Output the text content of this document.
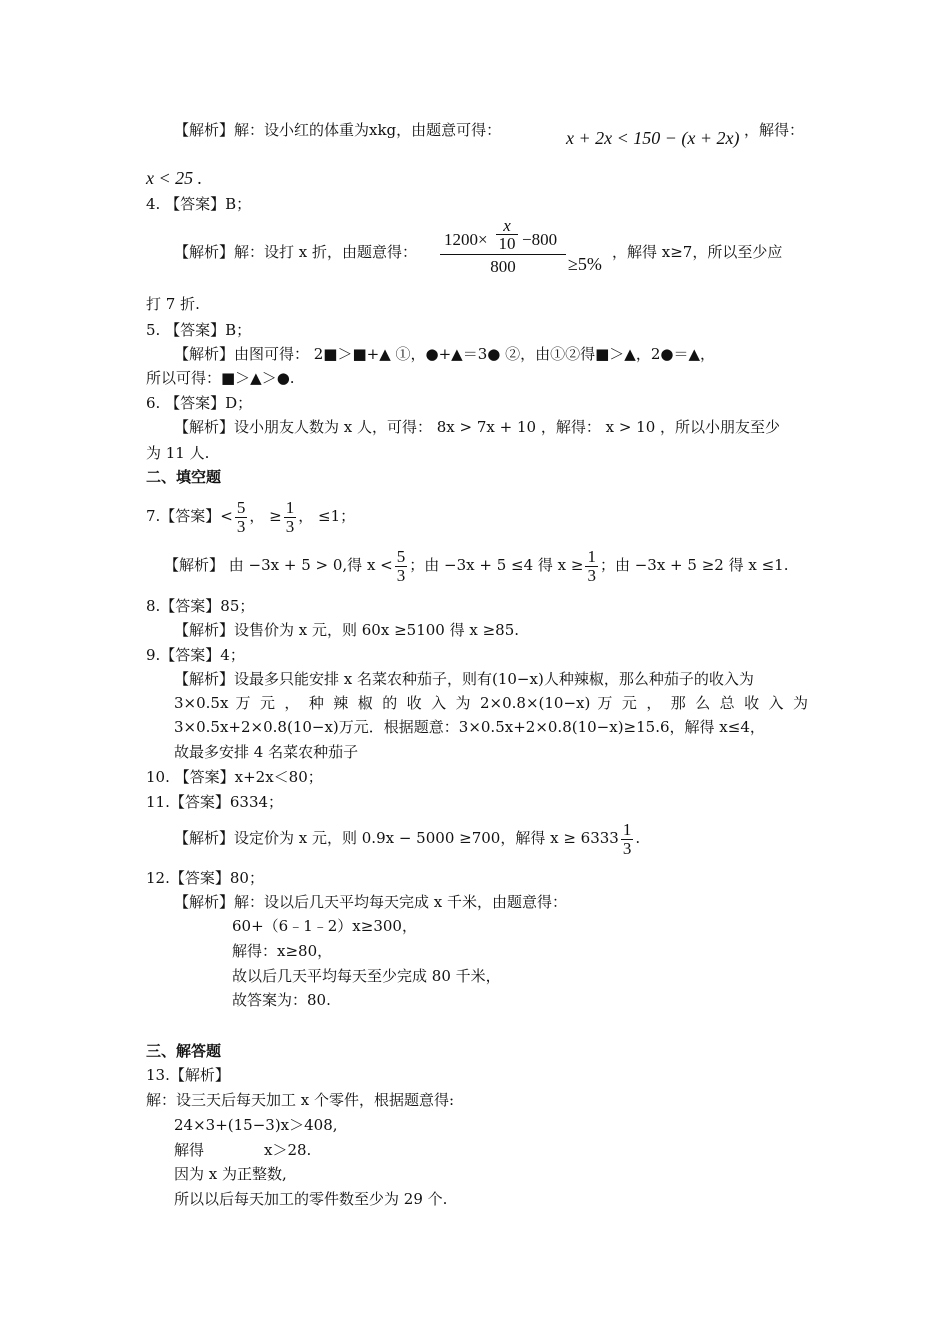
【解析】解：设小红的体重为xkg，由题意可得：	x + 2x < 150 − (x + 2x) ，解得：
x < 25 .
4. 【答案】B；
【解析】解：设打 x 折，由题意得：
1200×
x
10 −800
800	≥5%
，解得 x≥7，所以至少应
打 7 折.
5. 【答案】B；
【解析】由图可得： 2■＞■+▲ ①，●+▲＝3● ②，由①②得■＞▲，2●＝▲，
所以可得：■＞▲＞●.
6. 【答案】D；
【解析】设小朋友人数为 x 人，可得： 8x > 7x + 10 ，解得： x > 10 ，所以小朋友至少
为 11 人.
二、填空题
7.【答案】< $\frac{5}{3}$ ， ≥ $\frac{1}{3}$ ， ≤1；
【解析】 由 −3x + 5 > 0,得 $x < \frac{5}{3}$ ；由 −3x + 5 ≤4 得 $x \ge \frac{1}{3}$ ；由 −3x + 5 ≥2 得 x ≤1.
8.【答案】85；
【解析】设售价为 x 元，则 60x ≥5100 得 x ≥85.
9.【答案】4；
【解析】设最多只能安排 x 名菜农种茄子，则有(10−x)人种辣椒，那么种茄子的收入为
3×0.5x 万 元 ， 种 辣 椒 的 收 入 为 2×0.8×(10−x) 万 元 ， 那 么 总 收 入 为
3×0.5x+2×0.8(10−x)万元．根据题意：3×0.5x+2×0.8(10−x)≥15.6，解得 x≤4，
故最多安排 4 名菜农种茄子
10. 【答案】x+2x＜80；
11.【答案】6334；
【解析】设定价为 x 元，则 0.9x − 5000 ≥700，解得 $x \ge 6333 \frac{1}{3}$ .
12.【答案】80；
【解析】解：设以后几天平均每天完成 x 千米，由题意得：
60+（6﹣1﹣2）x≥300，
解得：x≥80，
故以后几天平均每天至少完成 80 千米，
故答案为：80.
三、解答题
13.【解析】
解：设三天后每天加工 x 个零件，根据题意得:
24×3+(15−3)x＞408,
解得　　　　x＞28.
因为 x 为正整数,
所以以后每天加工的零件数至少为 29 个.
